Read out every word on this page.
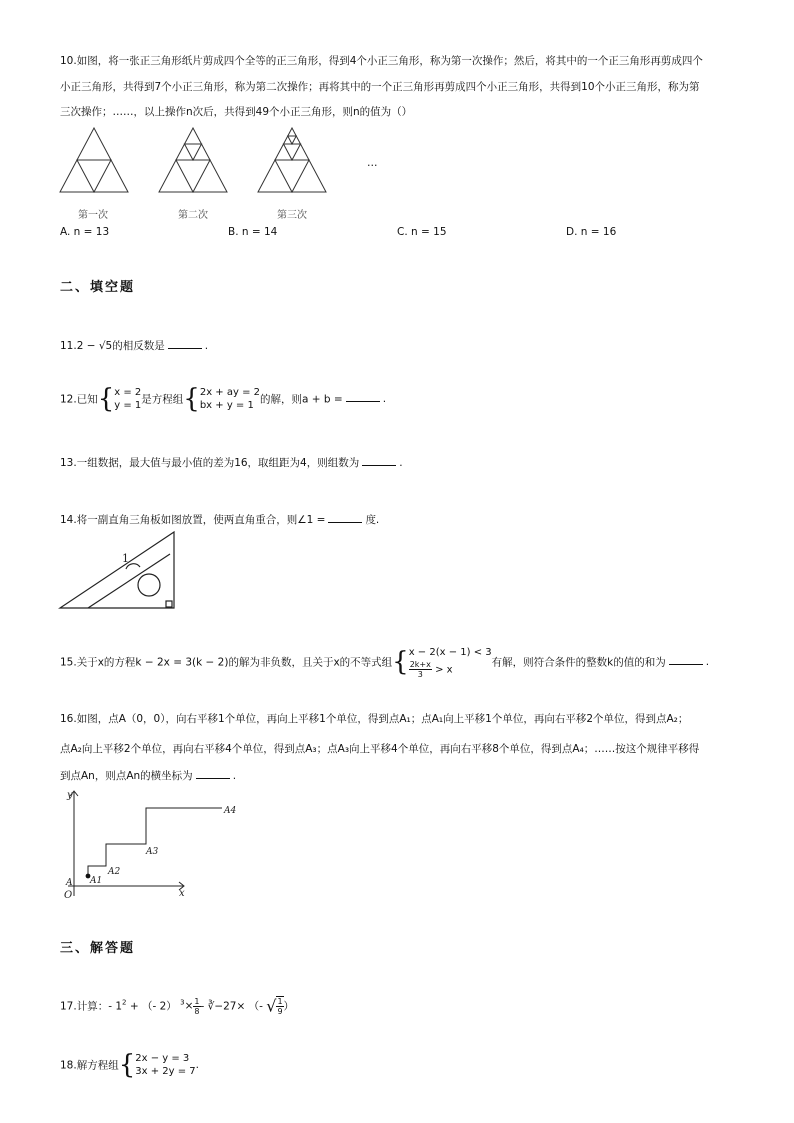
10.如图，将一张正三角形纸片剪成四个全等的正三角形，得到4个小正三角形，称为第一次操作；然后，将其中的一个正三角形再剪成四个
小正三角形，共得到7个小正三角形，称为第二次操作；再将其中的一个正三角形再剪成四个小正三角形，共得到10个小正三角形，称为第
三次操作；……，以上操作n次后，共得到49个小正三角形，则n的值为（）
…
第一次	第二次	第三次
A. n = 13	B. n = 14	C. n = 15	D. n = 16
二、填空题
11.2 − √5的相反数是	.
12.已知{ x = 2
y = 1 是方程组{ 2x + ay = 2
bx + y = 1 的解，则a + b =	.
13.一组数据，最大值与最小值的差为16，取组距为4，则组数为	.
14.将一副直角三角板如图放置，使两直角重合，则∠1 =	度.
1
15.关于x的方程k − 2x = 3(k − 2)的解为非负数，且关于x的不等式组{ x − 2(x − 1) < 3
$\frac{2k+x}{3} > x$
有解，则符合条件的整数k的值的和为	.
16.如图，点A（0，0），向右平移1个单位，再向上平移1个单位，得到点A₁；点A₁向上平移1个单位，再向右平移2个单位，得到点A₂；
点A₂向上平移2个单位，再向右平移4个单位，得到点A₃；点A₃向上平移4个单位，再向右平移8个单位，得到点A₄；……按这个规律平移得
到点An，则点An的横坐标为	.
y
x
O
A A1
A2
A3
A4
三、解答题
17.计算：- $1^2$ + （- 2） $^3\times \frac{1}{8}$ - ∛−27× （- √ $\frac{1}{9}$ ）
18.解方程组{ 2x − y = 3
3x + 2y = 7
.
